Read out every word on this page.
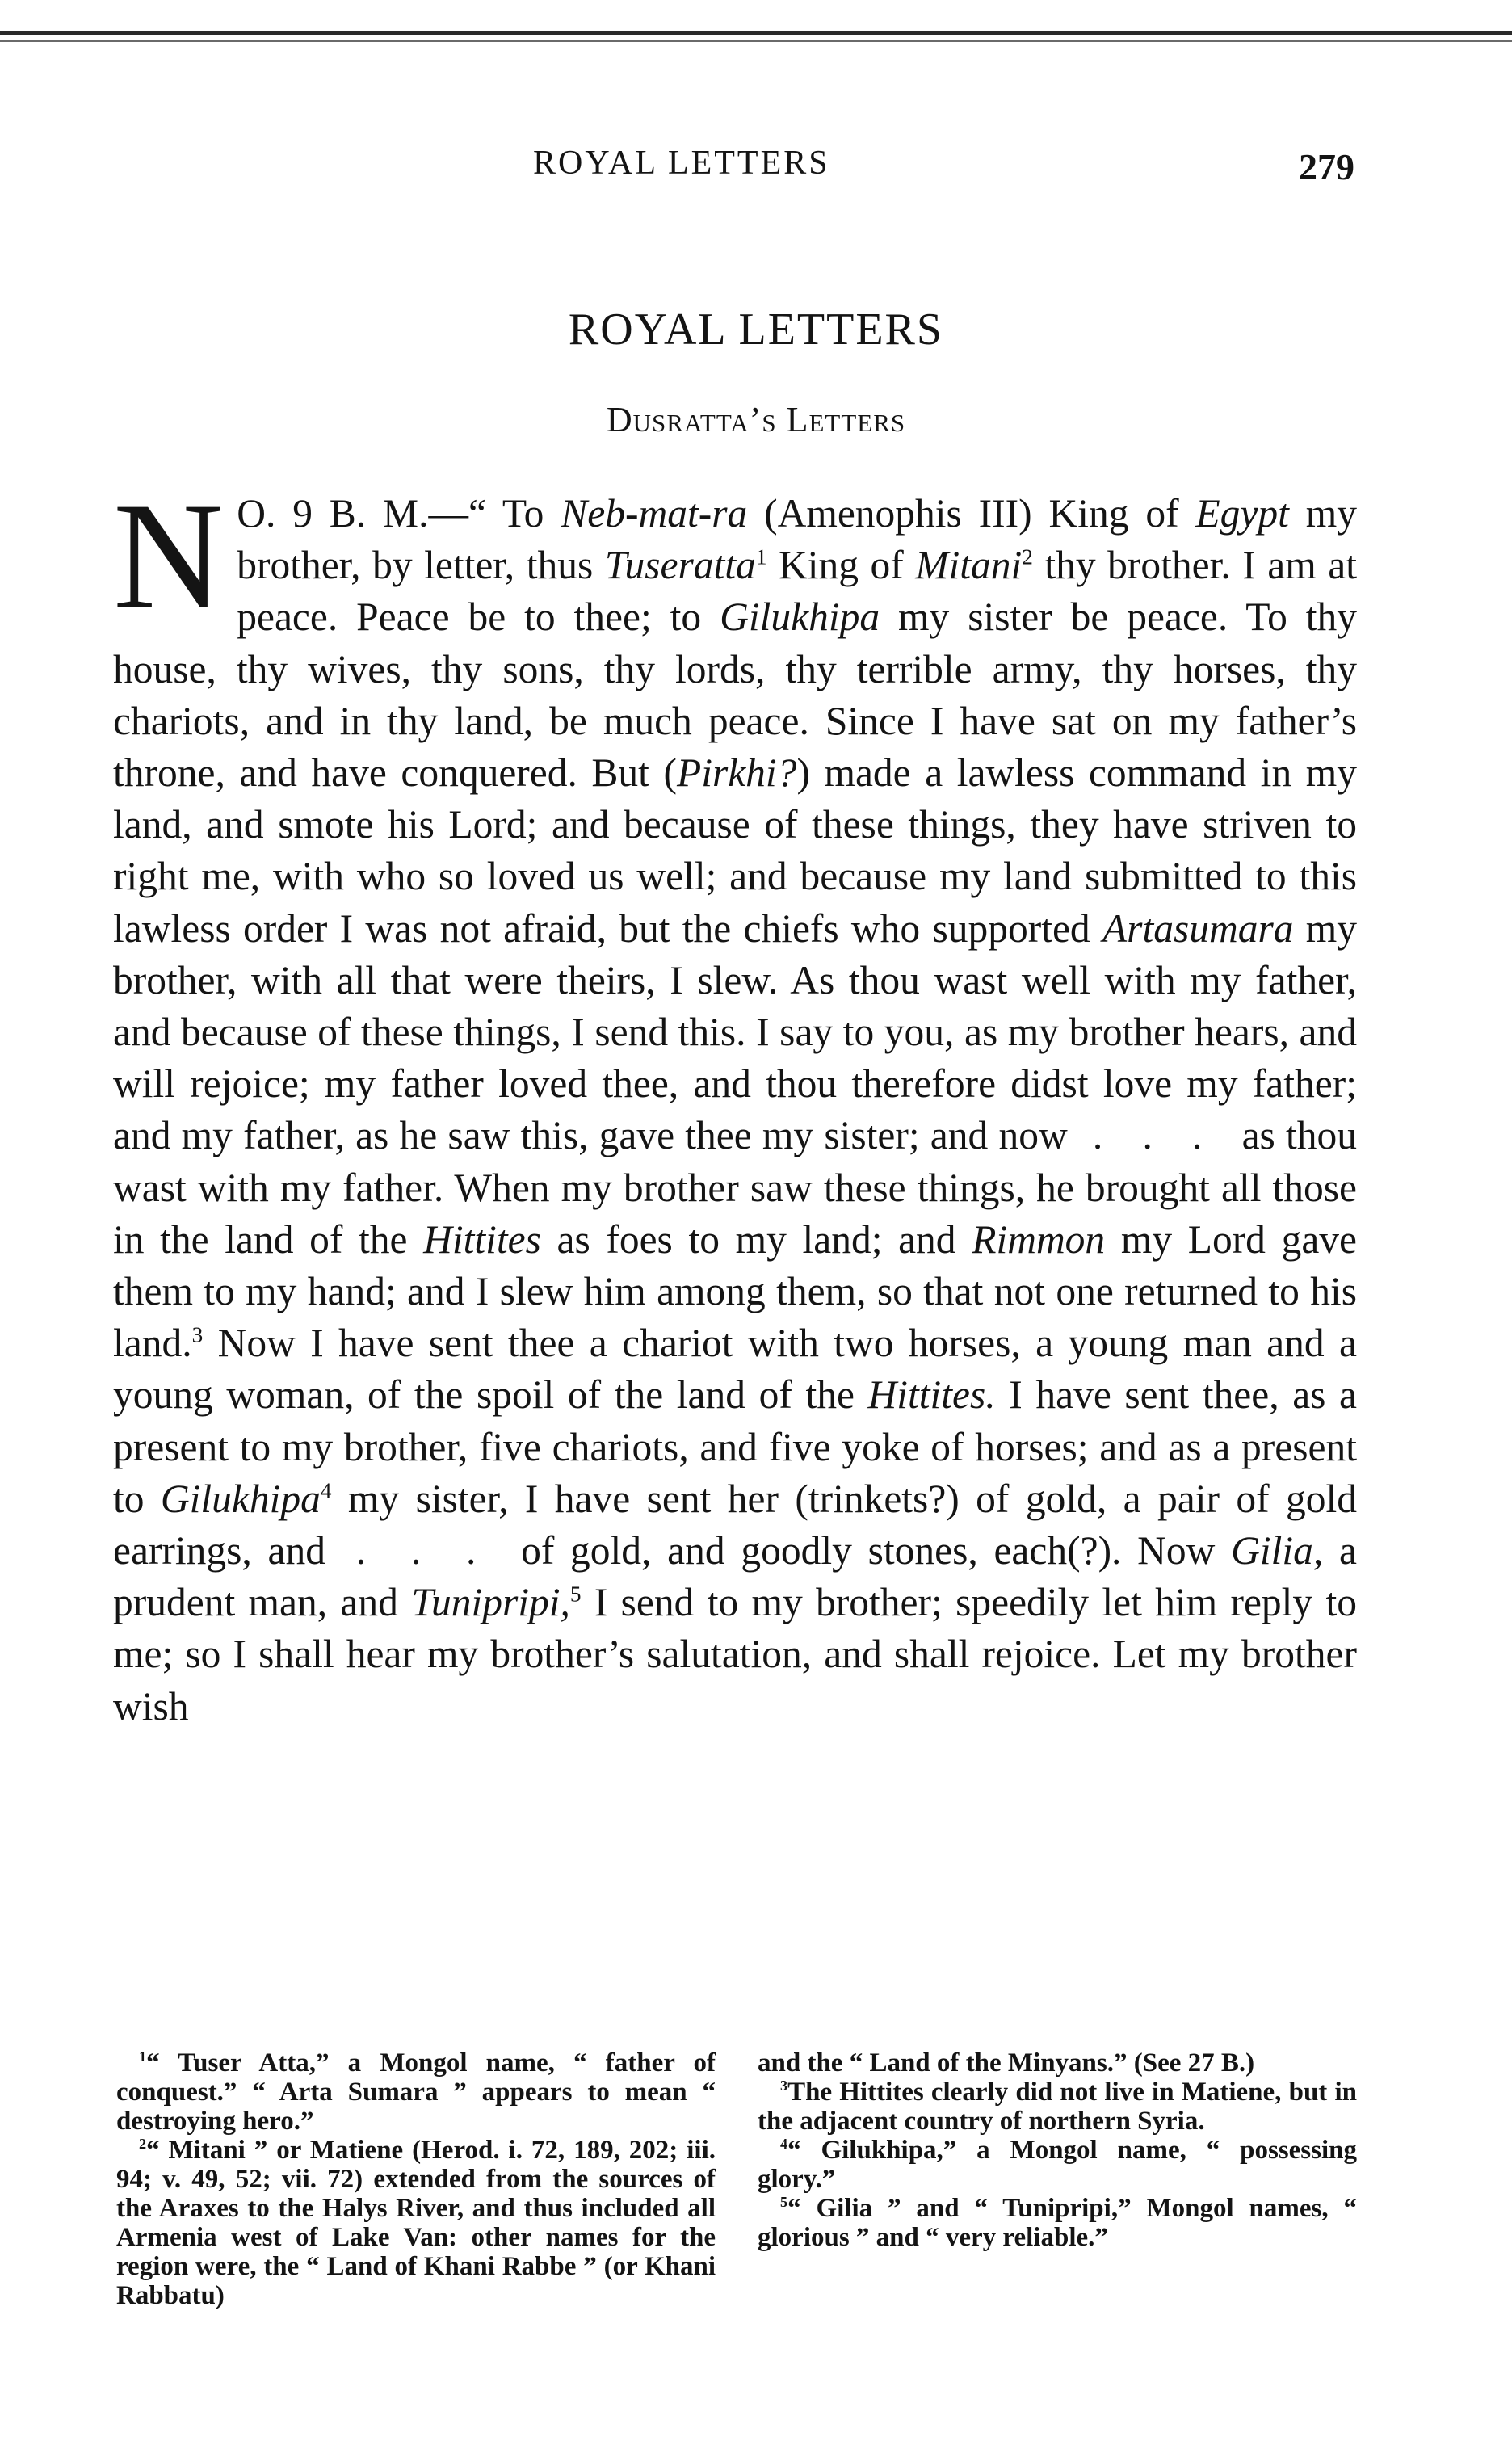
ROYAL LETTERS	279
ROYAL LETTERS
Dusratta’s Letters

N O. 9 B. M.—“ To Neb-mat-ra (Amenophis III) King of Egypt my brother, by letter, thus Tuseratta$^1$ King of Mitani$^2$ thy brother. I am at peace. Peace be to thee; to Gilukhipa my sister be peace. To thy house, thy wives, thy sons, thy lords, thy terrible army, thy horses, thy chariots, and in thy land, be much peace. Since I have sat on my father’s throne, and have conquered. But (Pirkhi?) made a lawless command in my land, and smote his Lord; and because of these things, they have striven to right me, with who so loved us well; and because my land submitted to this lawless order I was not afraid, but the chiefs who supported Artasumara my brother, with all that were theirs, I slew. As thou wast well with my father, and because of these things, I send this. I say to you, as my brother hears, and will rejoice; my father loved thee, and thou therefore didst love my father; and my father, as he saw this, gave thee my sister; and now . . . as thou wast with my father. When my brother saw these things, he brought all those in the land of the Hittites as foes to my land; and Rimmon my Lord gave them to my hand; and I slew him among them, so that not one returned to his land.$^3$ Now I have sent thee a chariot with two horses, a young man and a young woman, of the spoil of the land of the Hittites. I have sent thee, as a present to my brother, five chariots, and five yoke of horses; and as a present to Gilukhipa$^4$ my sister, I have sent her (trinkets?) of gold, a pair of gold earrings, and . . . of gold, and goodly stones, each(?). Now Gilia, a prudent man, and Tunipripi,$^5$ I send to my brother; speedily let him reply to me; so I shall hear my brother’s salutation, and shall rejoice. Let my brother wish

$^1$“ Tuser Atta,” a Mongol name, “ father of conquest.” “ Arta Sumara ” appears to mean “ destroying hero.”

$^2$“ Mitani ” or Matiene (Herod. i. 72, 189, 202; iii. 94; v. 49, 52; vii. 72) extended from the sources of the Araxes to the Halys River, and thus included all Armenia west of Lake Van: other names for the region were, the “ Land of Khani Rabbe ” (or Khani Rabbatu)

and the “ Land of the Minyans.” (See 27 B.)

$^3$The Hittites clearly did not live in Matiene, but in the adjacent country of northern Syria.

$^4$“ Gilukhipa,” a Mongol name, “ possessing glory.”

$^5$“ Gilia ” and “ Tunipripi,” Mongol names, “ glorious ” and “ very reliable.”
